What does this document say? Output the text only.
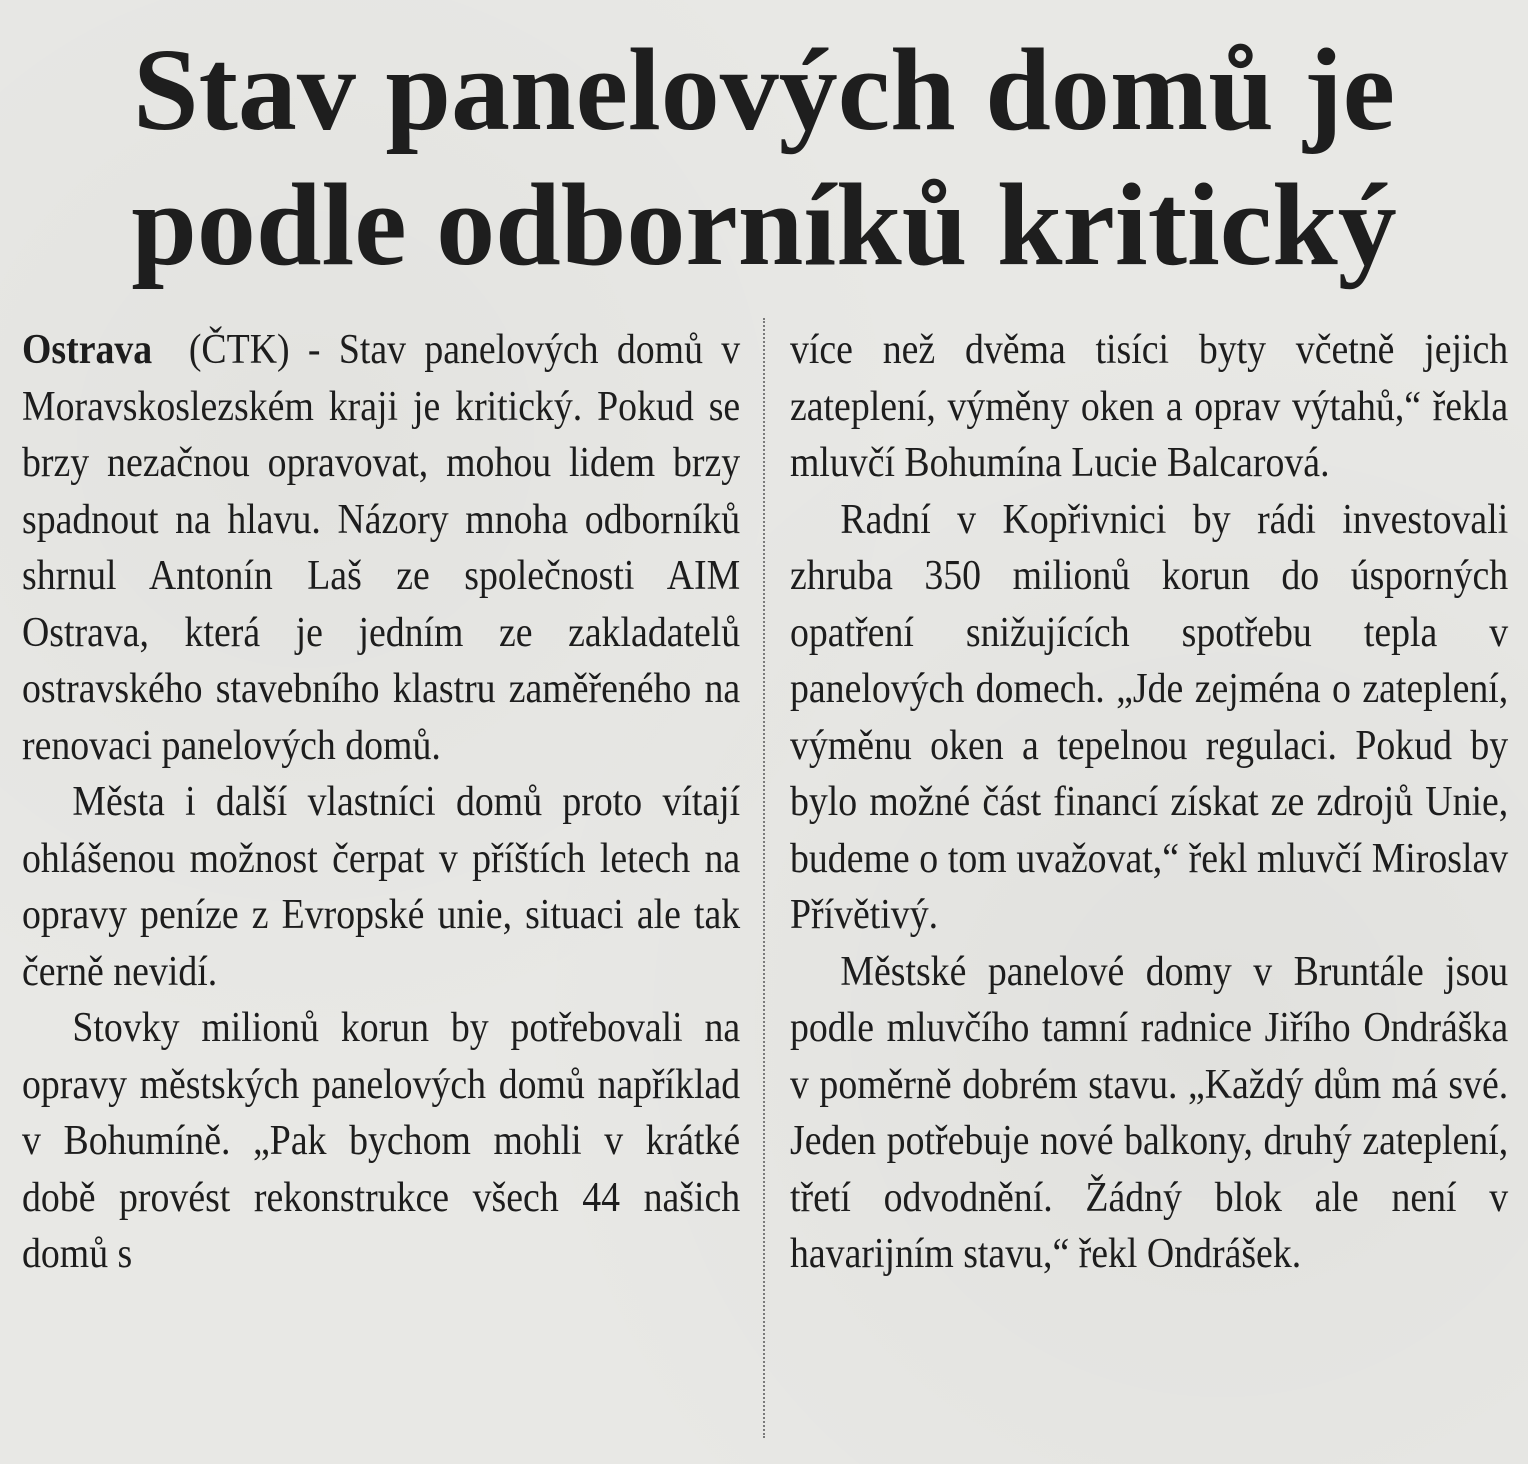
Stav panelových domů je
podle odborníků kritický

Ostrava (ČTK) - Stav panelových domů v Moravskoslezském kraji je kritický. Pokud se brzy nezačnou opravovat, mohou lidem brzy spadnout na hlavu. Názory mnoha odborníků shrnul Antonín Laš ze společnosti AIM Ostrava, která je jedním ze zakladatelů ostravského stavebního klastru zaměřeného na renovaci panelových domů.

Města i další vlastníci domů proto vítají ohlášenou možnost čerpat v příštích letech na opravy peníze z Evropské unie, situaci ale tak černě nevidí.

Stovky milionů korun by potřebovali na opravy městských panelových domů například v Bohumíně. „Pak bychom mohli v krátké době provést rekonstrukce všech 44 našich domů s

více než dvěma tisíci byty včetně jejich zateplení, výměny oken a oprav výtahů,“ řekla mluvčí Bohumína Lucie Balcarová.

Radní v Kopřivnici by rádi investovali zhruba 350 milionů korun do úsporných opatření snižujících spotřebu tepla v panelových domech. „Jde zejména o zateplení, výměnu oken a tepelnou regulaci. Pokud by bylo možné část financí získat ze zdrojů Unie, budeme o tom uvažovat,“ řekl mluvčí Miroslav Přívětivý.

Městské panelové domy v Bruntále jsou podle mluvčího tamní radnice Jiřího Ondráška v poměrně dobrém stavu. „Každý dům má své. Jeden potřebuje nové balkony, druhý zateplení, třetí odvodnění. Žádný blok ale není v havarijním stavu,“ řekl Ondrášek.
